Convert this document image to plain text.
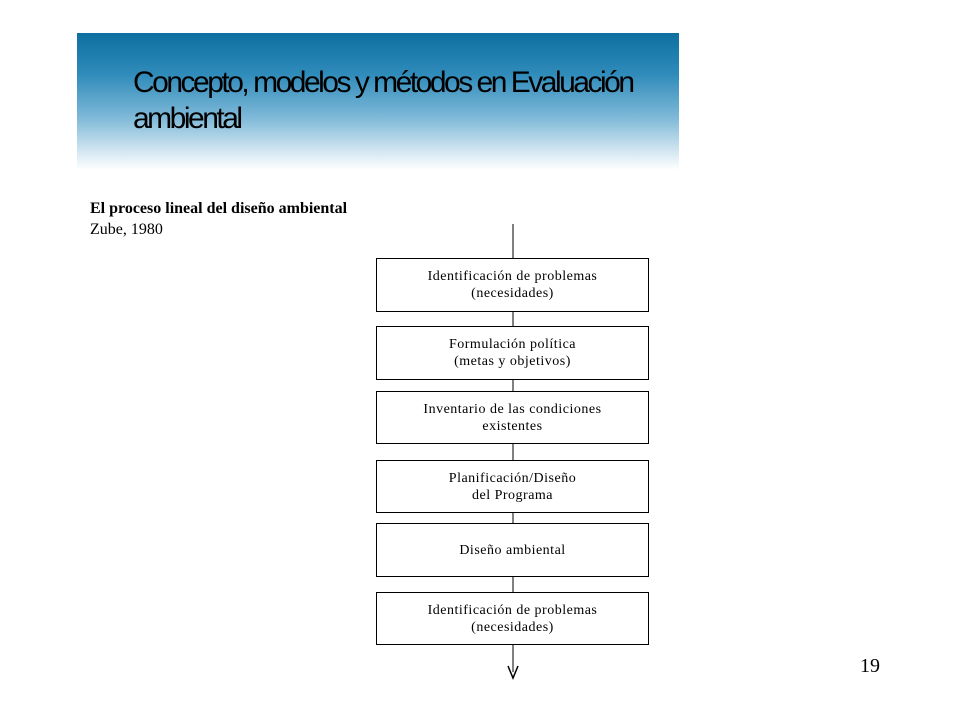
Concepto, modelos y métodos en Evaluación ambiental

El proceso lineal del diseño ambiental

Zube, 1980

Identificación de problemas
(necesidades)
Formulación política
(metas y objetivos)
Inventario de las condiciones
existentes
Planificación/Diseño
del Programa
Diseño ambiental
Identificación de problemas
(necesidades)
19
